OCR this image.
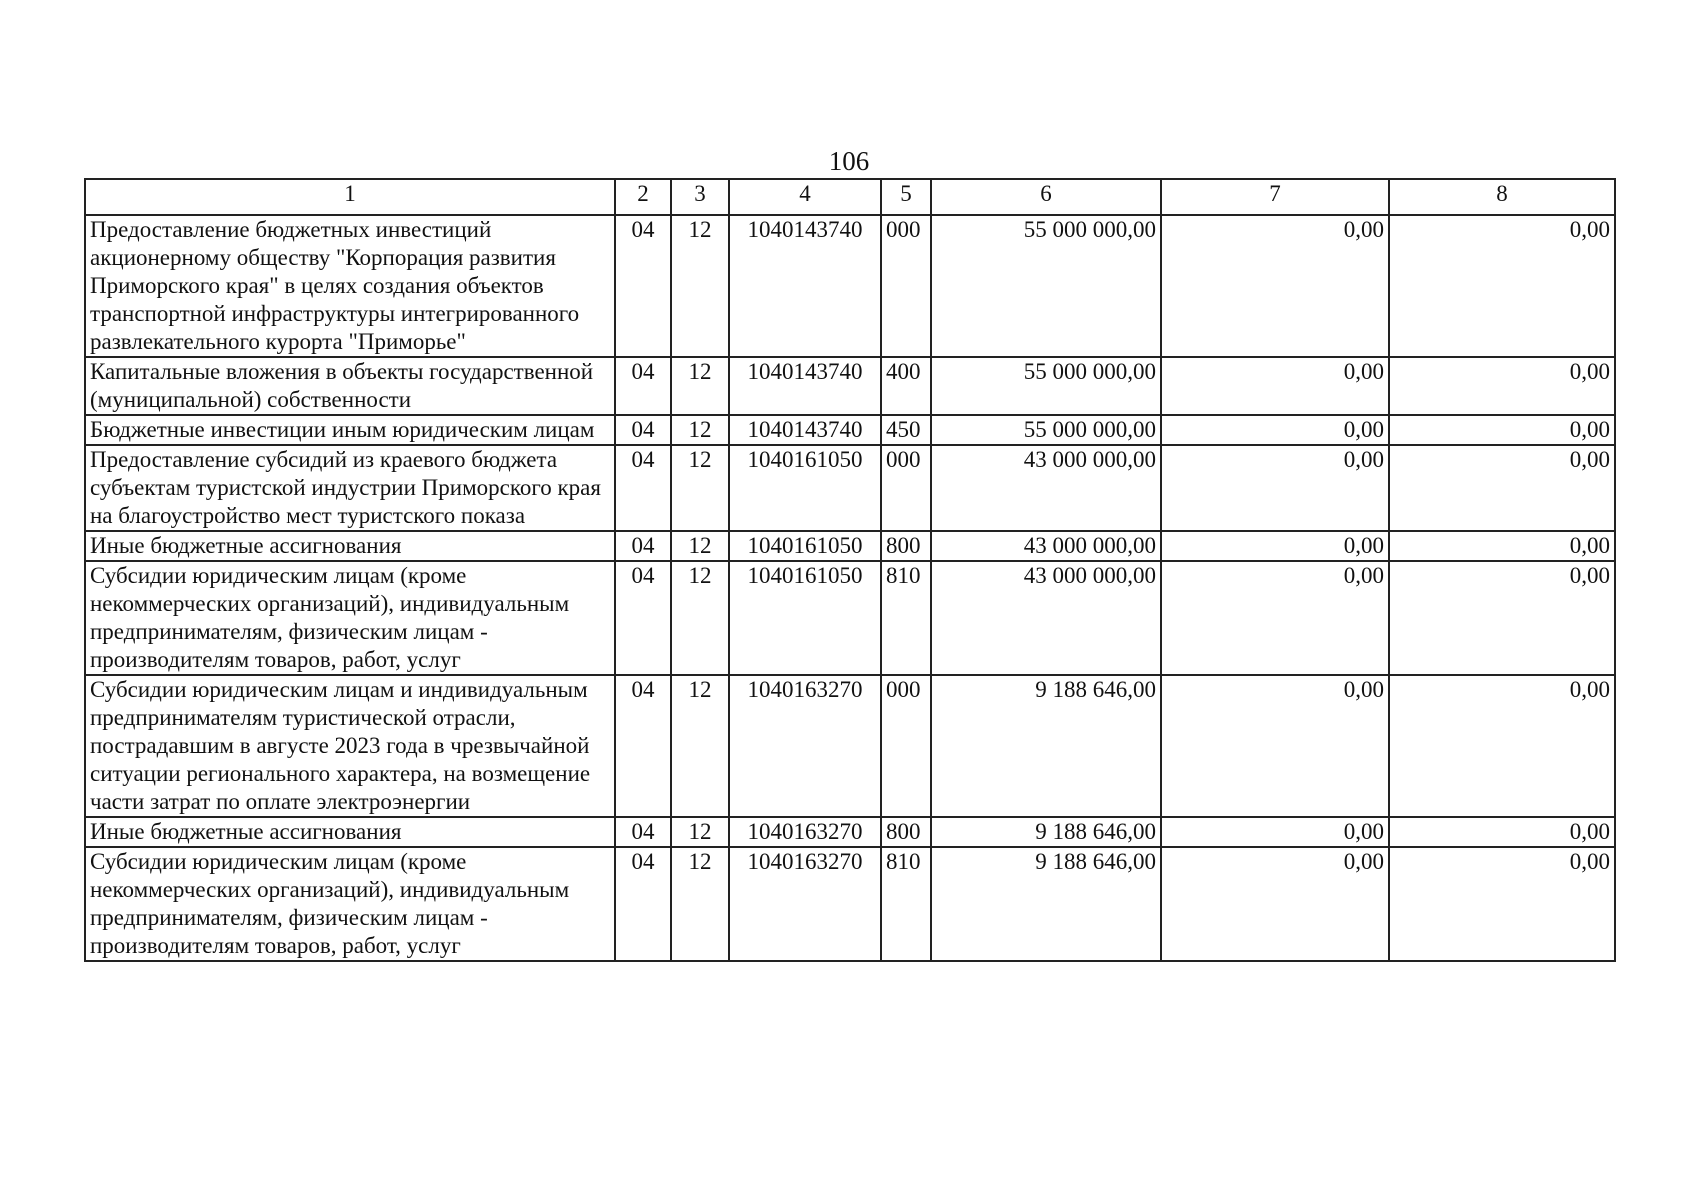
106
1	2	3	4	5	6	7	8
Предоставление бюджетных инвестиций акционерному обществу "Корпорация развития Приморского края" в целях создания объектов транспортной инфраструктуры интегрированного развлекательного курорта "Приморье"	04	12	1040143740	000	55 000 000,00	0,00	0,00
Капитальные вложения в объекты государственной (муниципальной) собственности	04	12	1040143740	400	55 000 000,00	0,00	0,00
Бюджетные инвестиции иным юридическим лицам	04	12	1040143740	450	55 000 000,00	0,00	0,00
Предоставление субсидий из краевого бюджета субъектам туристской индустрии Приморского края на благоустройство мест туристского показа	04	12	1040161050	000	43 000 000,00	0,00	0,00
Иные бюджетные ассигнования	04	12	1040161050	800	43 000 000,00	0,00	0,00
Субсидии юридическим лицам (кроме некоммерческих организаций), индивидуальным предпринимателям, физическим лицам - производителям товаров, работ, услуг	04	12	1040161050	810	43 000 000,00	0,00	0,00
Субсидии юридическим лицам и индивидуальным предпринимателям туристической отрасли, пострадавшим в августе 2023 года в чрезвычайной ситуации регионального характера, на возмещение части затрат по оплате электроэнергии	04	12	1040163270	000	9 188 646,00	0,00	0,00
Иные бюджетные ассигнования	04	12	1040163270	800	9 188 646,00	0,00	0,00
Субсидии юридическим лицам (кроме некоммерческих организаций), индивидуальным предпринимателям, физическим лицам - производителям товаров, работ, услуг	04	12	1040163270	810	9 188 646,00	0,00	0,00
